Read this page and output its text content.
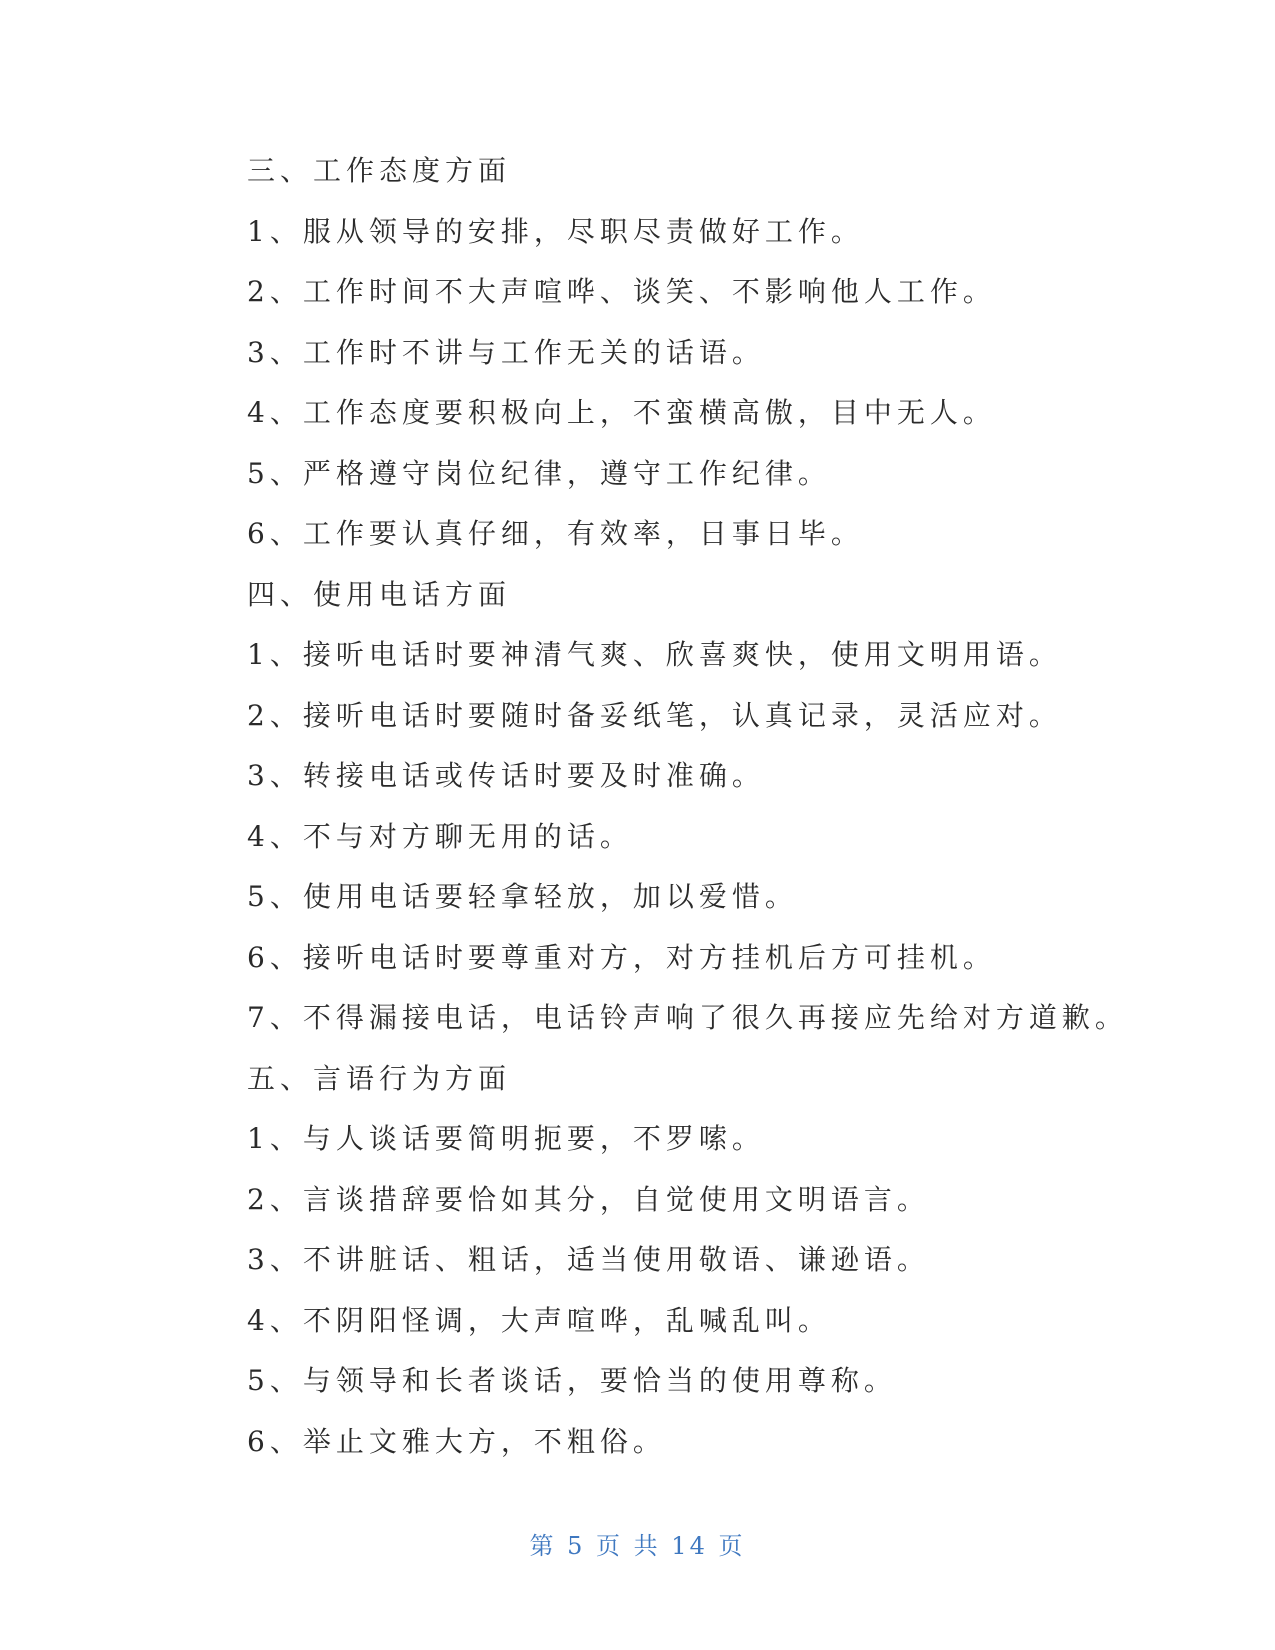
三、工作态度方面
1、服从领导的安排，尽职尽责做好工作。
2、工作时间不大声喧哗、谈笑、不影响他人工作。
3、工作时不讲与工作无关的话语。
4、工作态度要积极向上，不蛮横高傲，目中无人。
5、严格遵守岗位纪律，遵守工作纪律。
6、工作要认真仔细，有效率，日事日毕。
四、使用电话方面
1、接听电话时要神清气爽、欣喜爽快，使用文明用语。
2、接听电话时要随时备妥纸笔，认真记录，灵活应对。
3、转接电话或传话时要及时准确。
4、不与对方聊无用的话。
5、使用电话要轻拿轻放，加以爱惜。
6、接听电话时要尊重对方，对方挂机后方可挂机。
7、不得漏接电话，电话铃声响了很久再接应先给对方道歉。
五、言语行为方面
1、与人谈话要简明扼要，不罗嗦。
2、言谈措辞要恰如其分，自觉使用文明语言。
3、不讲脏话、粗话，适当使用敬语、谦逊语。
4、不阴阳怪调，大声喧哗，乱喊乱叫。
5、与领导和长者谈话，要恰当的使用尊称。
6、举止文雅大方，不粗俗。
第 5 页 共 14 页
